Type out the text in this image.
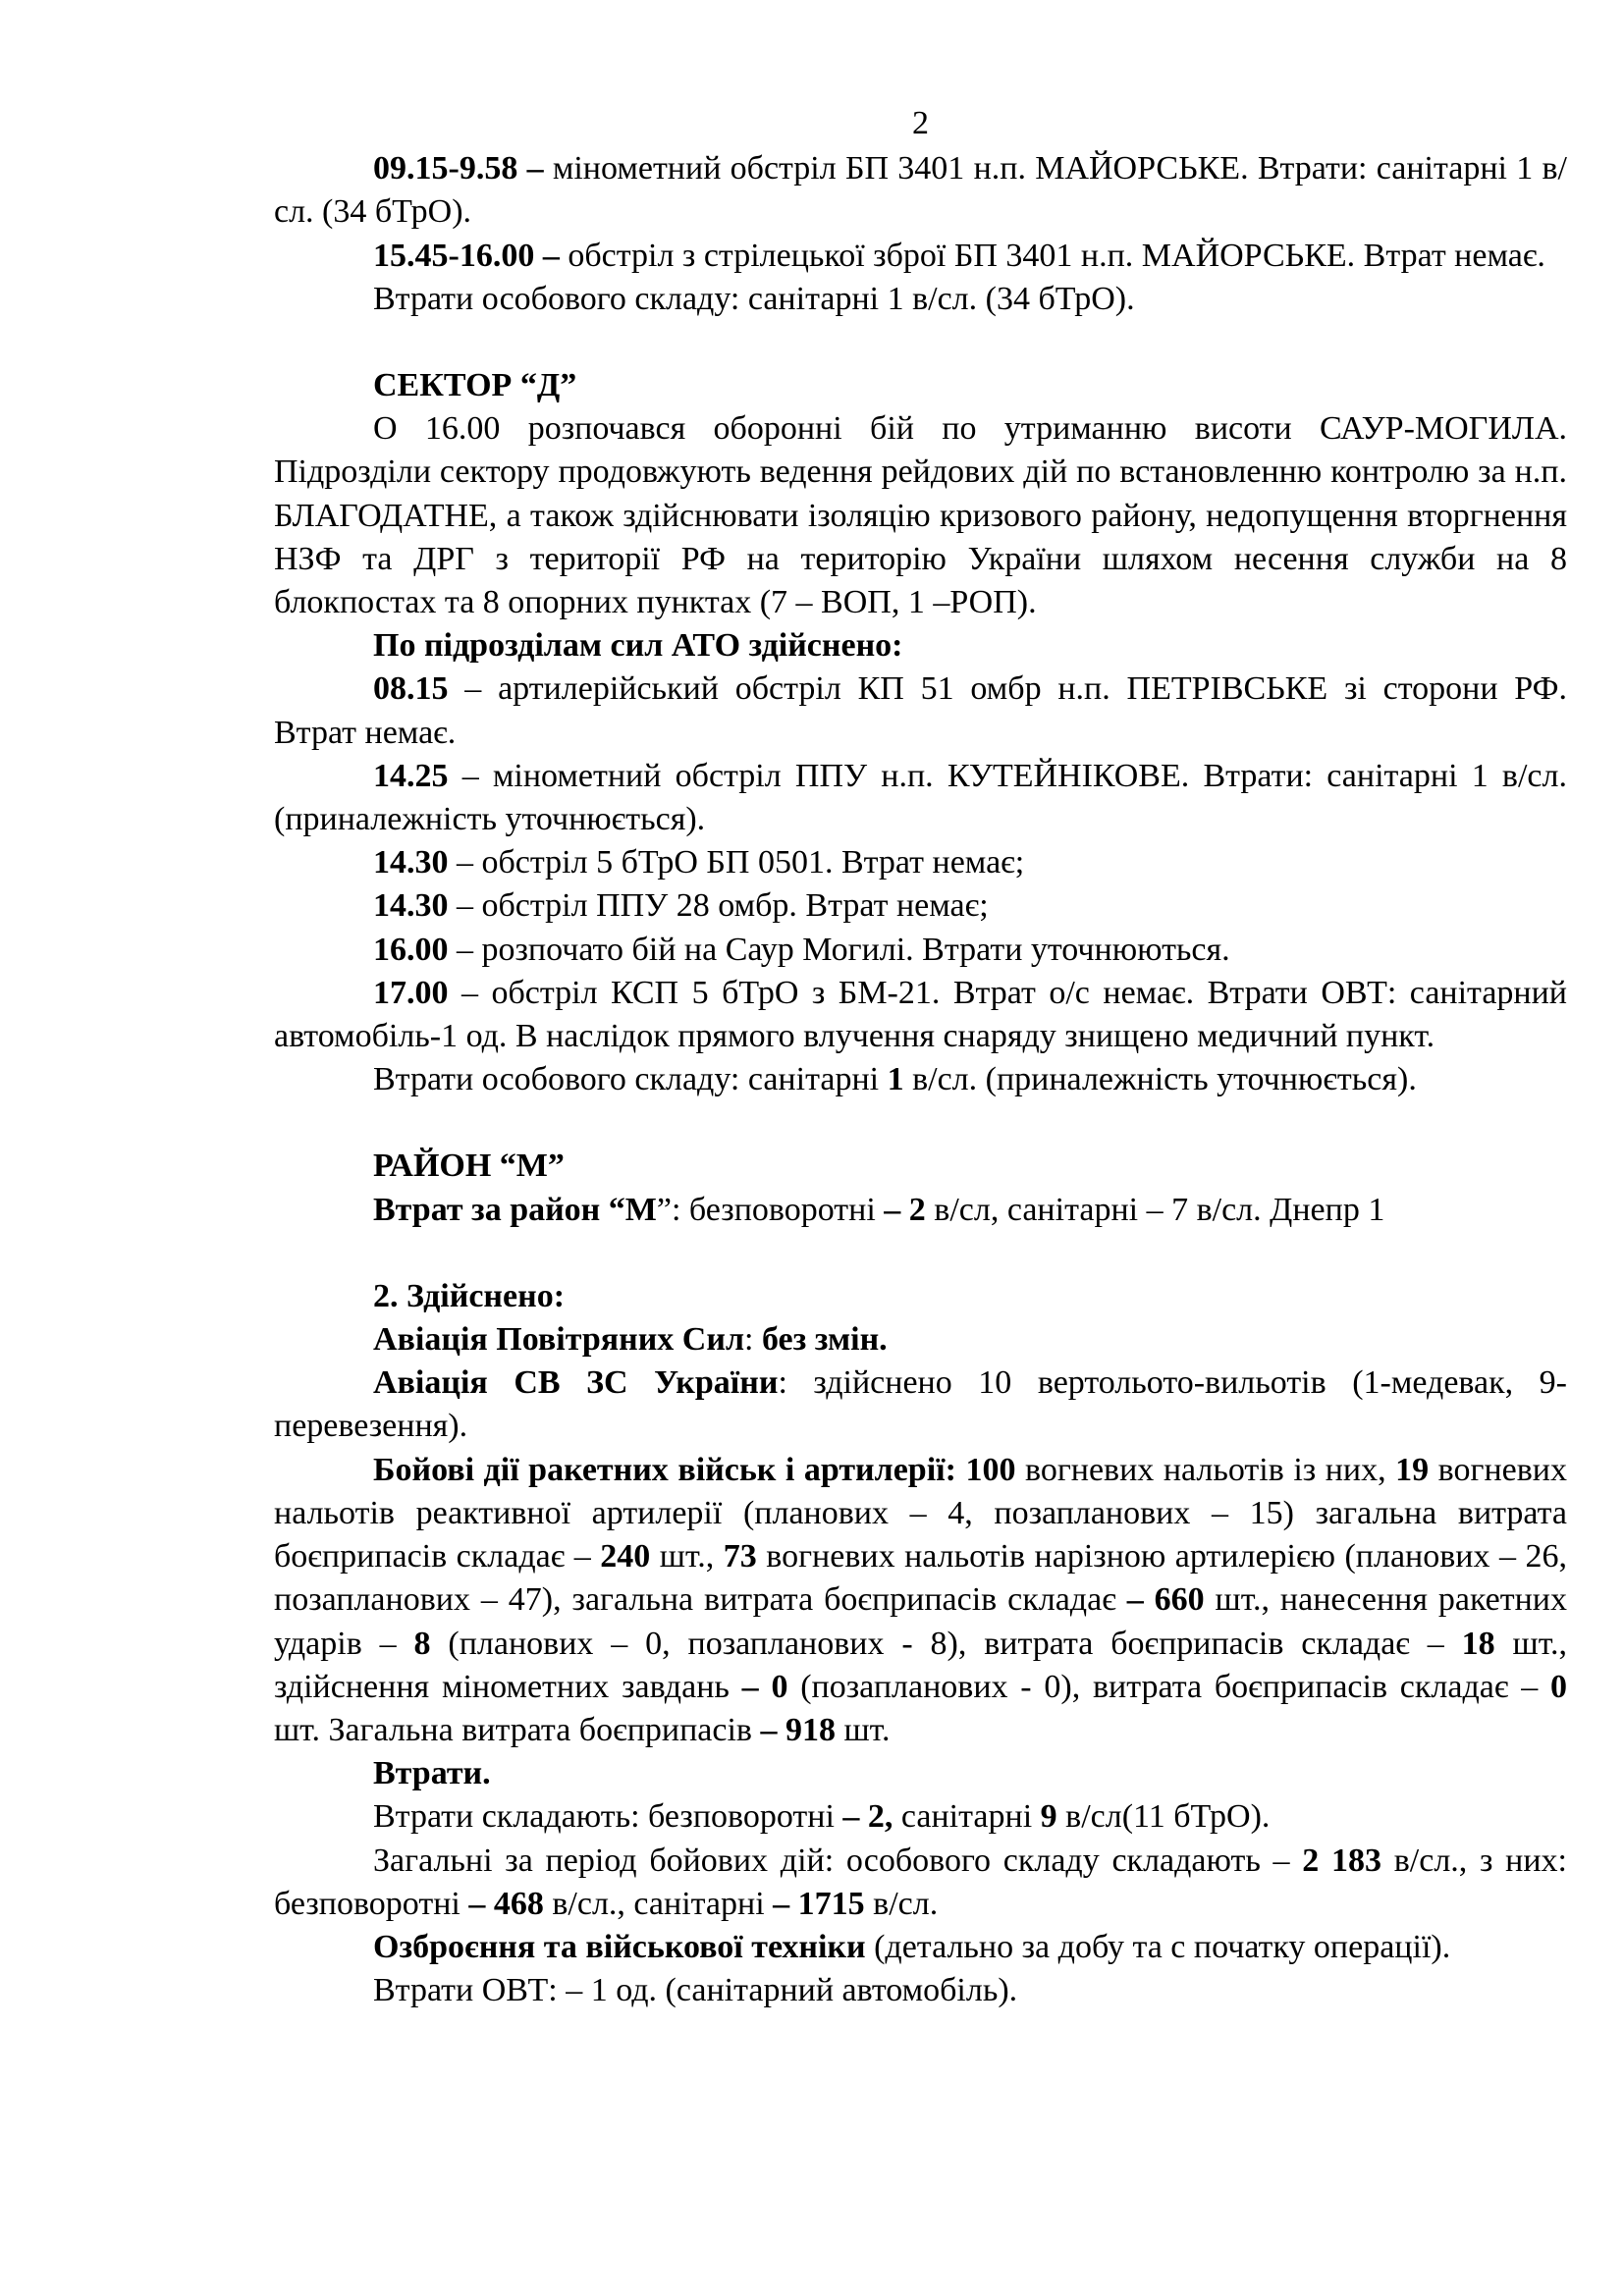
2

09.15-9.58 – мінометний обстріл БП 3401 н.п. МАЙОРСЬКЕ. Втрати: санітарні 1 в/сл. (34 бТрО).

15.45-16.00 – обстріл з стрілецької зброї БП 3401 н.п. МАЙОРСЬКЕ. Втрат немає.

Втрати особового складу: санітарні 1 в/сл. (34 бТрО).

СЕКТОР “Д”

О 16.00 розпочався оборонні бій по утриманню висоти САУР-МОГИЛА. Підрозділи сектору продовжують ведення рейдових дій по встановленню контролю за н.п. БЛАГОДАТНЕ, а також здійснювати ізоляцію кризового району, недопущення вторгнення НЗФ та ДРГ з території РФ на територію України шляхом несення служби на 8 блокпостах та 8 опорних пунктах (7 – ВОП, 1 –РОП).

По підрозділам сил АТО здійснено:

08.15 – артилерійський обстріл КП 51 омбр н.п. ПЕТРІВСЬКЕ зі сторони РФ. Втрат немає.

14.25 – мінометний обстріл ППУ н.п. КУТЕЙНІКОВЕ. Втрати: санітарні 1 в/сл. (приналежність уточнюється).

14.30 – обстріл 5 бТрО БП 0501. Втрат немає;

14.30 – обстріл ППУ 28 омбр. Втрат немає;

16.00 – розпочато бій на Саур Могилі. Втрати уточнюються.

17.00 – обстріл КСП 5 бТрО з БМ-21. Втрат о/с немає. Втрати ОВТ: санітарний автомобіль-1 од. В наслідок прямого влучення снаряду знищено медичний пункт.

Втрати особового складу: санітарні 1 в/сл. (приналежність уточнюється).

РАЙОН “М”

Втрат за район “М”: безповоротні – 2 в/сл, санітарні – 7 в/сл. Днепр 1

2. Здійснено:

Авіація Повітряних Сил: без змін.

Авіація СВ ЗС України: здійснено 10 вертольото-вильотів (1-медевак, 9-перевезення).

Бойові дії ракетних військ і артилерії: 100 вогневих нальотів із них, 19 вогневих нальотів реактивної артилерії (планових – 4, позапланових – 15) загальна витрата боєприпасів складає – 240 шт., 73 вогневих нальотів нарізною артилерією (планових – 26, позапланових – 47), загальна витрата боєприпасів складає – 660 шт., нанесення ракетних ударів – 8 (планових – 0, позапланових - 8), витрата боєприпасів складає – 18 шт., здійснення мінометних завдань – 0 (позапланових - 0), витрата боєприпасів складає – 0 шт. Загальна витрата боєприпасів – 918 шт.

Втрати.

Втрати складають: безповоротні – 2, санітарні 9 в/сл(11 бТрО).

Загальні за період бойових дій: особового складу складають – 2 183 в/сл., з них: безповоротні – 468 в/сл., санітарні – 1715 в/сл.

Озброєння та військової техніки (детально за добу та с початку операції).

Втрати ОВТ: – 1 од. (санітарний автомобіль).
